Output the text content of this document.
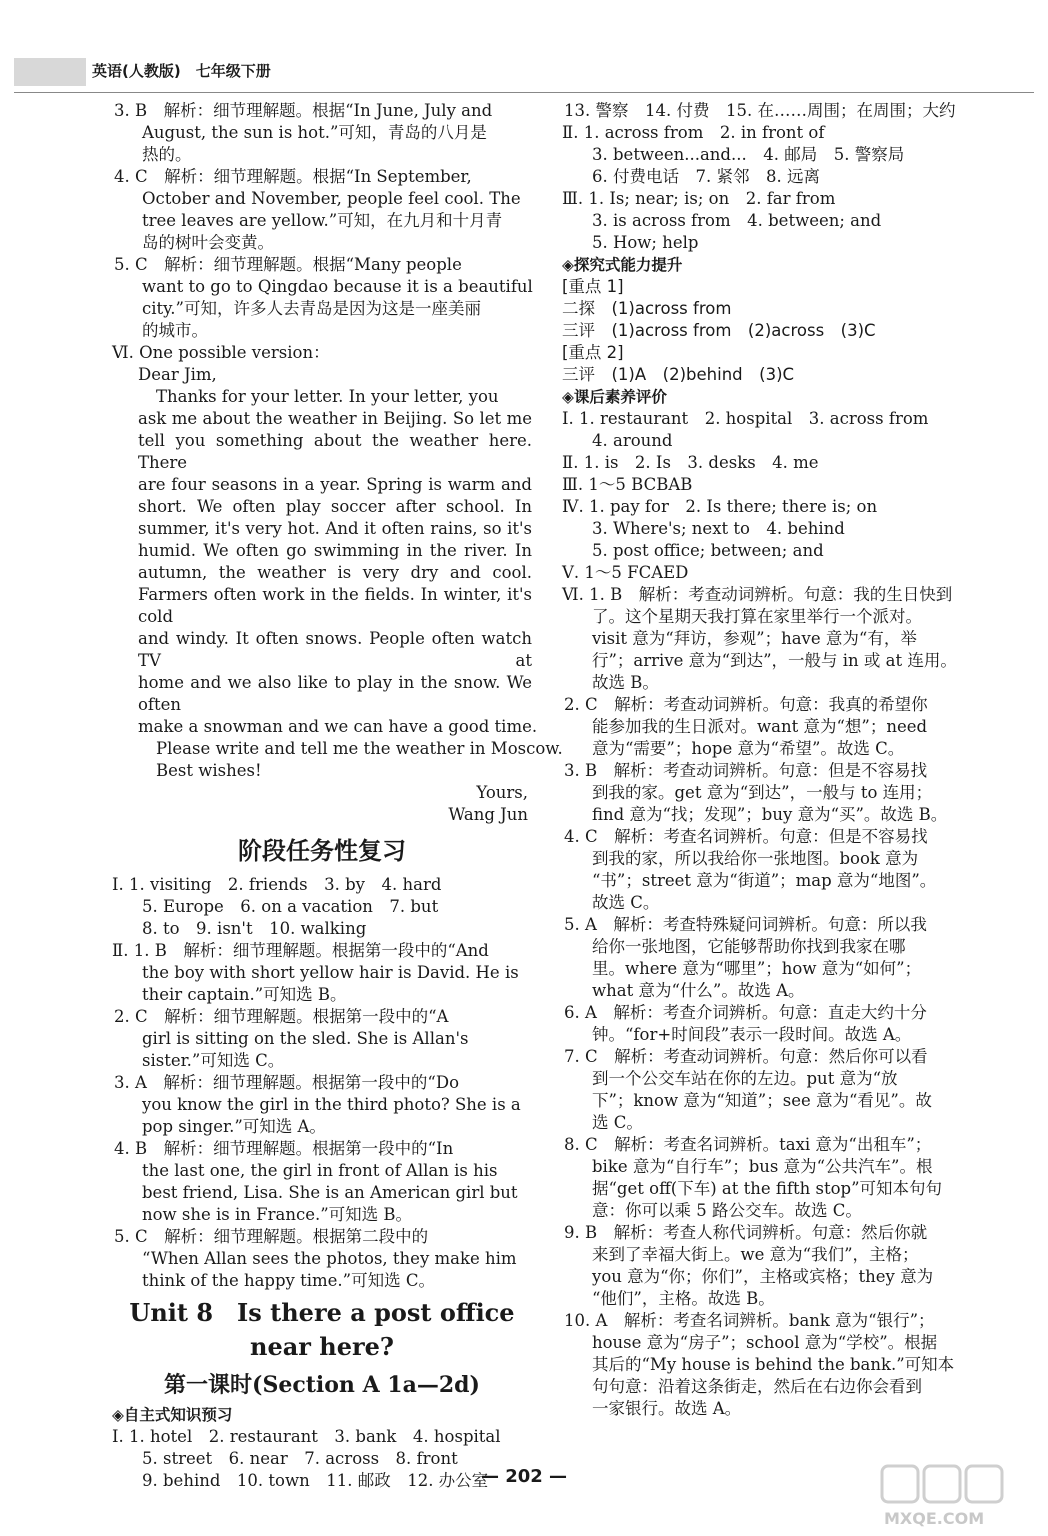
英语(人教版)　七年级下册
3. B　解析：细节理解题。根据“In June, July and
August, the sun is hot.”可知，青岛的八月是
热的。
4. C　解析：细节理解题。根据“In September,
October and November, people feel cool. The
tree leaves are yellow.”可知，在九月和十月青
岛的树叶会变黄。
5. C　解析：细节理解题。根据“Many people
want to go to Qingdao because it is a beautiful
city.”可知，许多人去青岛是因为这是一座美丽
的城市。
Ⅵ. One possible version：
Dear Jim,
Thanks for your letter. In your letter, you
ask me about the weather in Beijing. So let me
tell you something about the weather here. There
are four seasons in a year. Spring is warm and
short. We often play soccer after school. In
summer, it's very hot. And it often rains, so it's
humid. We often go swimming in the river. In
autumn, the weather is very dry and cool.
Farmers often work in the fields. In winter, it's cold
and windy. It often snows. People often watch TV at
home and we also like to play in the snow. We often
make a snowman and we can have a good time.
Please write and tell me the weather in Moscow.
Best wishes!
Yours,
Wang Jun
阶段任务性复习
Ⅰ. 1. visiting　2. friends　3. by　4. hard
5. Europe　6. on a vacation　7. but
8. to　9. isn't　10. walking
Ⅱ. 1. B　解析：细节理解题。根据第一段中的“And
the boy with short yellow hair is David. He is
their captain.”可知选 B。
2. C　解析：细节理解题。根据第一段中的“A
girl is sitting on the sled. She is Allan's
sister.”可知选 C。
3. A　解析：细节理解题。根据第一段中的“Do
you know the girl in the third photo? She is a
pop singer.”可知选 A。
4. B　解析：细节理解题。根据第一段中的“In
the last one, the girl in front of Allan is his
best friend, Lisa. She is an American girl but
now she is in France.”可知选 B。
5. C　解析：细节理解题。根据第二段中的
“When Allan sees the photos, they make him
think of the happy time.”可知选 C。
Unit 8　Is there a post office
near here?
第一课时(Section A 1a—2d)
◈自主式知识预习
Ⅰ. 1. hotel　2. restaurant　3. bank　4. hospital
5. street　6. near　7. across　8. front
9. behind　10. town　11. 邮政　12. 办公室
13. 警察　14. 付费　15. 在……周围；在周围；大约
Ⅱ. 1. across from　2. in front of
3. between...and...　4. 邮局　5. 警察局
6. 付费电话　7. 紧邻　8. 远离
Ⅲ. 1. Is; near; is; on　2. far from
3. is across from　4. between; and
5. How; help
◈探究式能力提升
[重点 1]
二探　(1)across from
三评　(1)across from　(2)across　(3)C
[重点 2]
三评　(1)A　(2)behind　(3)C
◈课后素养评价
Ⅰ. 1. restaurant　2. hospital　3. across from
4. around
Ⅱ. 1. is　2. Is　3. desks　4. me
Ⅲ. 1～5 BCBAB
Ⅳ. 1. pay for　2. Is there; there is; on
3. Where's; next to　4. behind
5. post office; between; and
Ⅴ. 1～5 FCAED
Ⅵ. 1. B　解析：考查动词辨析。句意：我的生日快到
了。这个星期天我打算在家里举行一个派对。
visit 意为“拜访，参观”；have 意为“有，举
行”；arrive 意为“到达”，一般与 in 或 at 连用。
故选 B。
2. C　解析：考查动词辨析。句意：我真的希望你
能参加我的生日派对。want 意为“想”；need
意为“需要”；hope 意为“希望”。故选 C。
3. B　解析：考查动词辨析。句意：但是不容易找
到我的家。get 意为“到达”，一般与 to 连用；
find 意为“找；发现”；buy 意为“买”。故选 B。
4. C　解析：考查名词辨析。句意：但是不容易找
到我的家，所以我给你一张地图。book 意为
“书”；street 意为“街道”；map 意为“地图”。
故选 C。
5. A　解析：考查特殊疑问词辨析。句意：所以我
给你一张地图，它能够帮助你找到我家在哪
里。where 意为“哪里”；how 意为“如何”；
what 意为“什么”。故选 A。
6. A　解析：考查介词辨析。句意：直走大约十分
钟。“for+时间段”表示一段时间。故选 A。
7. C　解析：考查动词辨析。句意：然后你可以看
到一个公交车站在你的左边。put 意为“放
下”；know 意为“知道”；see 意为“看见”。故
选 C。
8. C　解析：考查名词辨析。taxi 意为“出租车”；
bike 意为“自行车”；bus 意为“公共汽车”。根
据“get off(下车) at the fifth stop”可知本句句
意：你可以乘 5 路公交车。故选 C。
9. B　解析：考查人称代词辨析。句意：然后你就
来到了幸福大街上。we 意为“我们”，主格；
you 意为“你；你们”，主格或宾格；they 意为
“他们”，主格。故选 B。
10. A　解析：考查名词辨析。bank 意为“银行”；
house 意为“房子”；school 意为“学校”。根据
其后的“My house is behind the bank.”可知本
句句意：沿着这条街走，然后在右边你会看到
一家银行。故选 A。
— 202 —
MXQE.COM
